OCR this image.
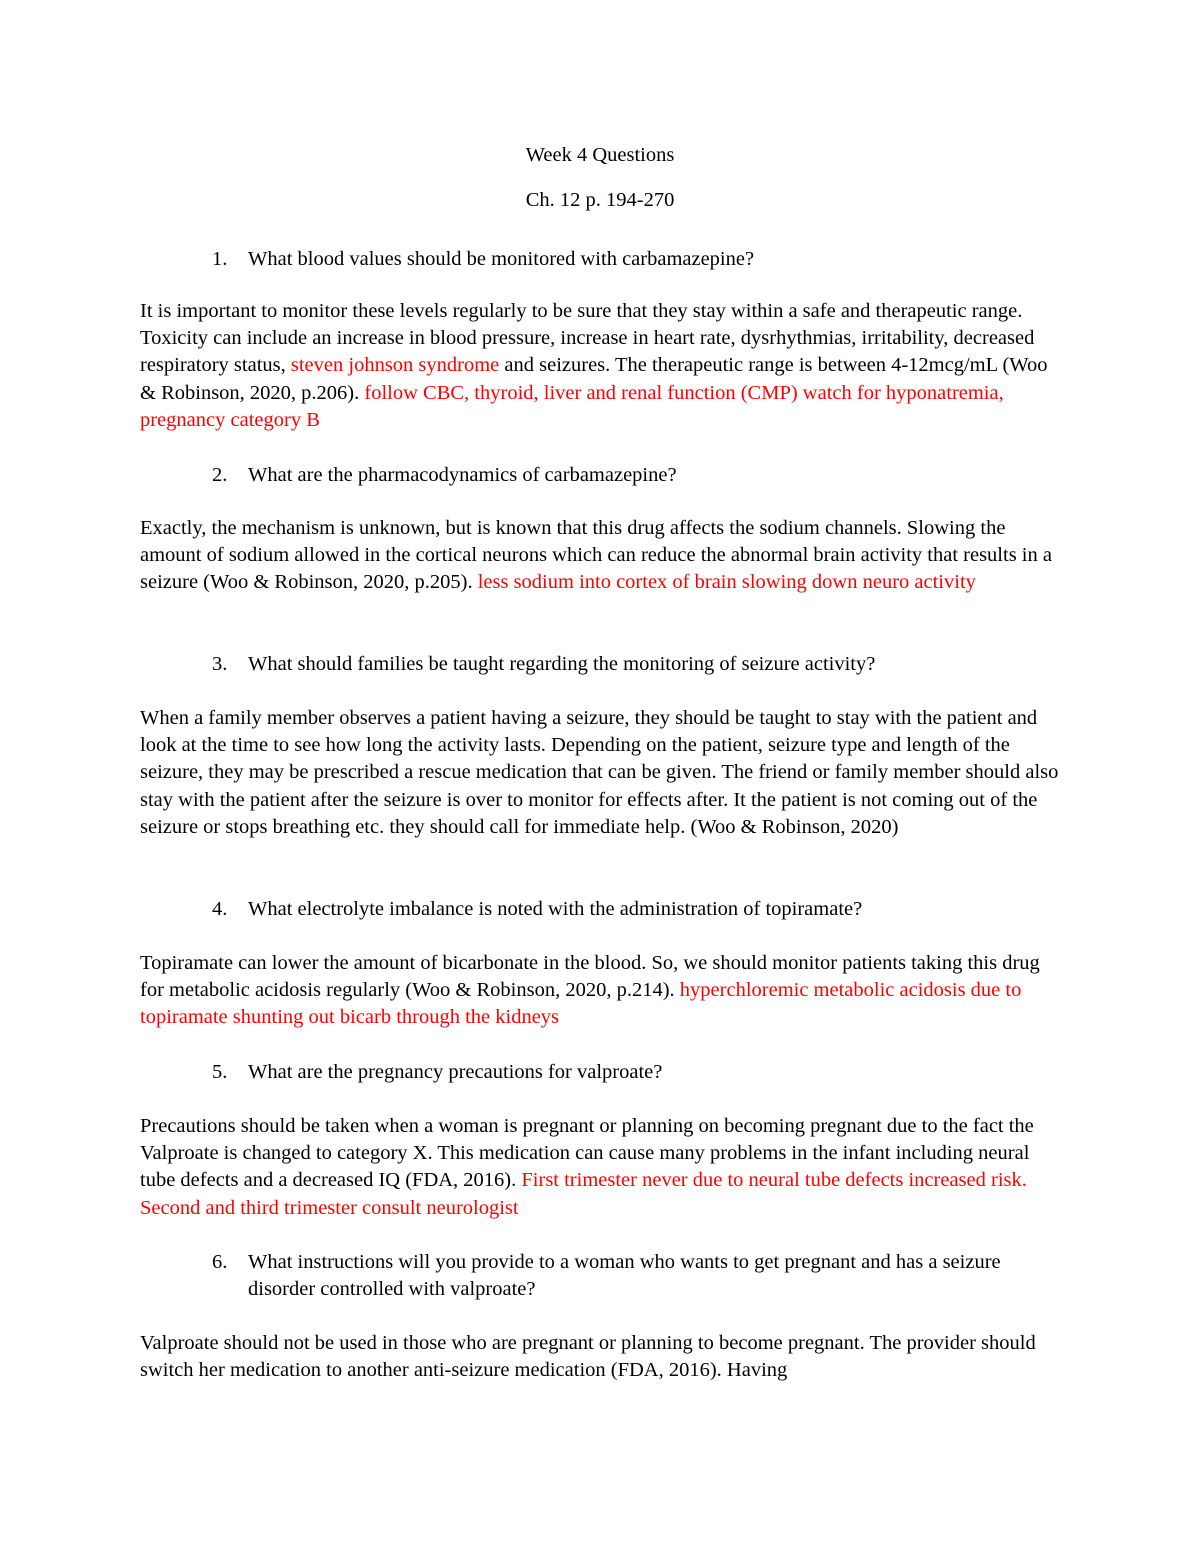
Week 4 Questions
Ch. 12 p. 194-270
1. What blood values should be monitored with carbamazepine?
It is important to monitor these levels regularly to be sure that they stay within a safe and therapeutic range. Toxicity can include an increase in blood pressure, increase in heart rate, dysrhythmias, irritability, decreased respiratory status, steven johnson syndrome and seizures. The therapeutic range is between 4-12mcg/mL (Woo & Robinson, 2020, p.206). follow CBC, thyroid, liver and renal function (CMP) watch for hyponatremia, pregnancy category B
2. What are the pharmacodynamics of carbamazepine?
Exactly, the mechanism is unknown, but is known that this drug affects the sodium channels. Slowing the amount of sodium allowed in the cortical neurons which can reduce the abnormal brain activity that results in a seizure (Woo & Robinson, 2020, p.205). less sodium into cortex of brain slowing down neuro activity
3. What should families be taught regarding the monitoring of seizure activity?
When a family member observes a patient having a seizure, they should be taught to stay with the patient and look at the time to see how long the activity lasts. Depending on the patient, seizure type and length of the seizure, they may be prescribed a rescue medication that can be given. The friend or family member should also stay with the patient after the seizure is over to monitor for effects after. It the patient is not coming out of the seizure or stops breathing etc. they should call for immediate help. (Woo & Robinson, 2020)
4. What electrolyte imbalance is noted with the administration of topiramate?
Topiramate can lower the amount of bicarbonate in the blood. So, we should monitor patients taking this drug for metabolic acidosis regularly (Woo & Robinson, 2020, p.214). hyperchloremic metabolic acidosis due to topiramate shunting out bicarb through the kidneys
5. What are the pregnancy precautions for valproate?
Precautions should be taken when a woman is pregnant or planning on becoming pregnant due to the fact the Valproate is changed to category X. This medication can cause many problems in the infant including neural tube defects and a decreased IQ (FDA, 2016). First trimester never due to neural tube defects increased risk. Second and third trimester consult neurologist
6. What instructions will you provide to a woman who wants to get pregnant and has a seizure disorder controlled with valproate?
Valproate should not be used in those who are pregnant or planning to become pregnant. The provider should switch her medication to another anti-seizure medication (FDA, 2016). Having
